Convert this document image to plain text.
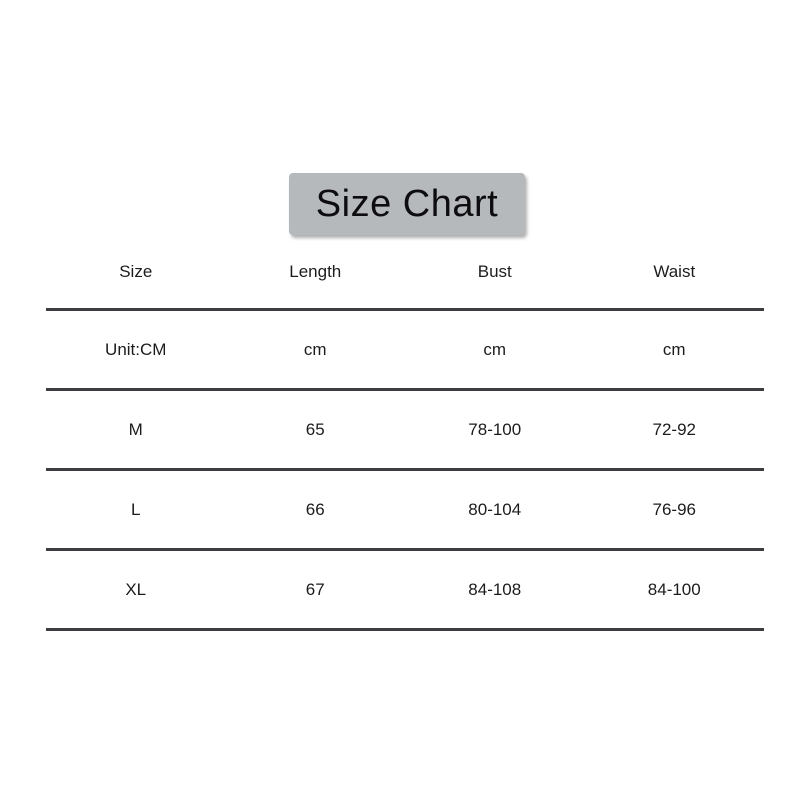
Size Chart
Size	Length	Bust	Waist
Unit:CM	cm	cm	cm
M	65	78-100	72-92
L	66	80-104	76-96
XL	67	84-108	84-100
